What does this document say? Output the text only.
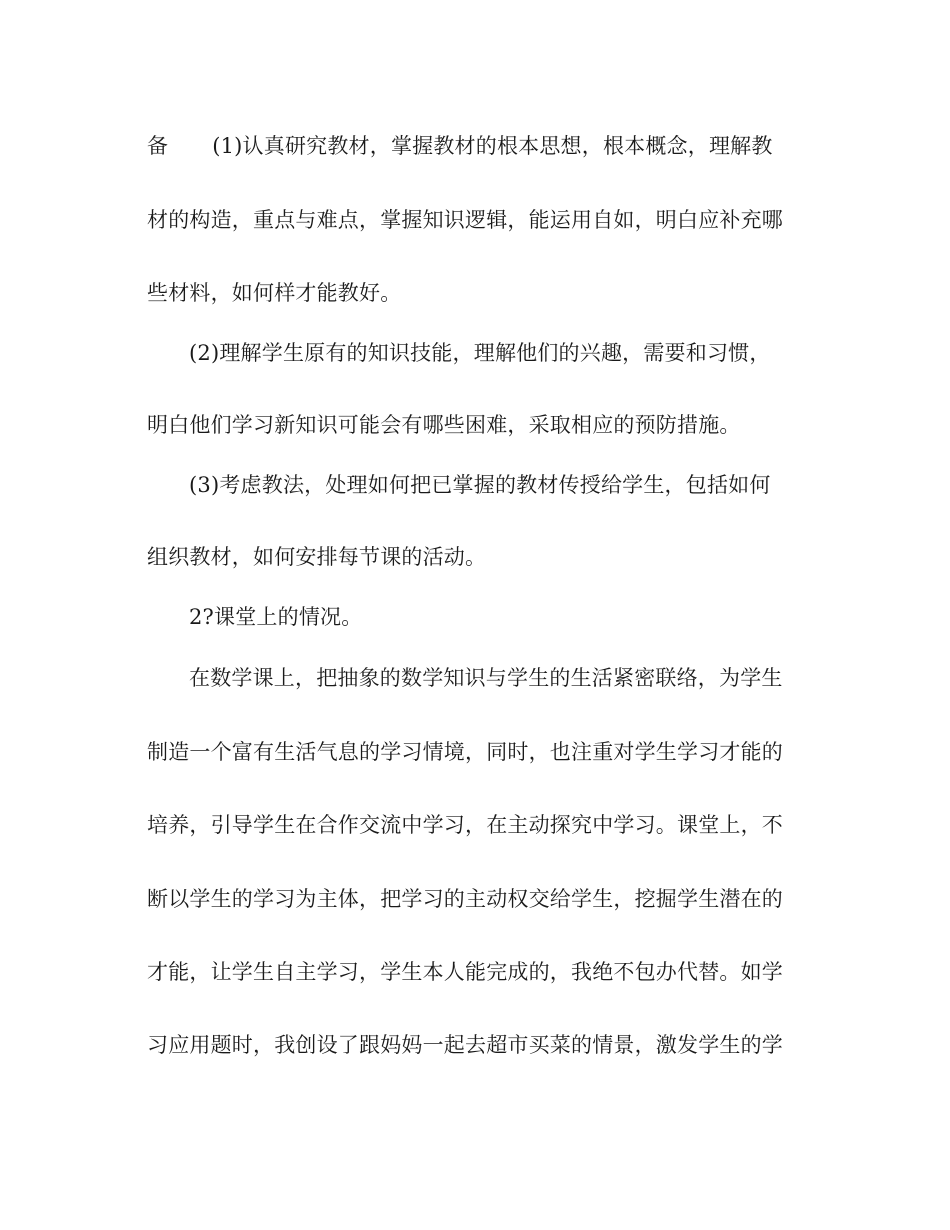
备 (1)认真研究教材，掌握教材的根本思想，根本概念，理解教
材的构造，重点与难点，掌握知识逻辑，能运用自如，明白应补充哪
些材料，如何样才能教好。
(2)理解学生原有的知识技能，理解他们的兴趣，需要和习惯，
明白他们学习新知识可能会有哪些困难，采取相应的预防措施。
(3)考虑教法，处理如何把已掌握的教材传授给学生，包括如何
组织教材，如何安排每节课的活动。
2?课堂上的情况。
在数学课上，把抽象的数学知识与学生的生活紧密联络，为学生
制造一个富有生活气息的学习情境，同时，也注重对学生学习才能的
培养，引导学生在合作交流中学习，在主动探究中学习。课堂上，不
断以学生的学习为主体，把学习的主动权交给学生，挖掘学生潜在的
才能，让学生自主学习，学生本人能完成的，我绝不包办代替。如学
习应用题时，我创设了跟妈妈一起去超市买菜的情景，激发学生的学
